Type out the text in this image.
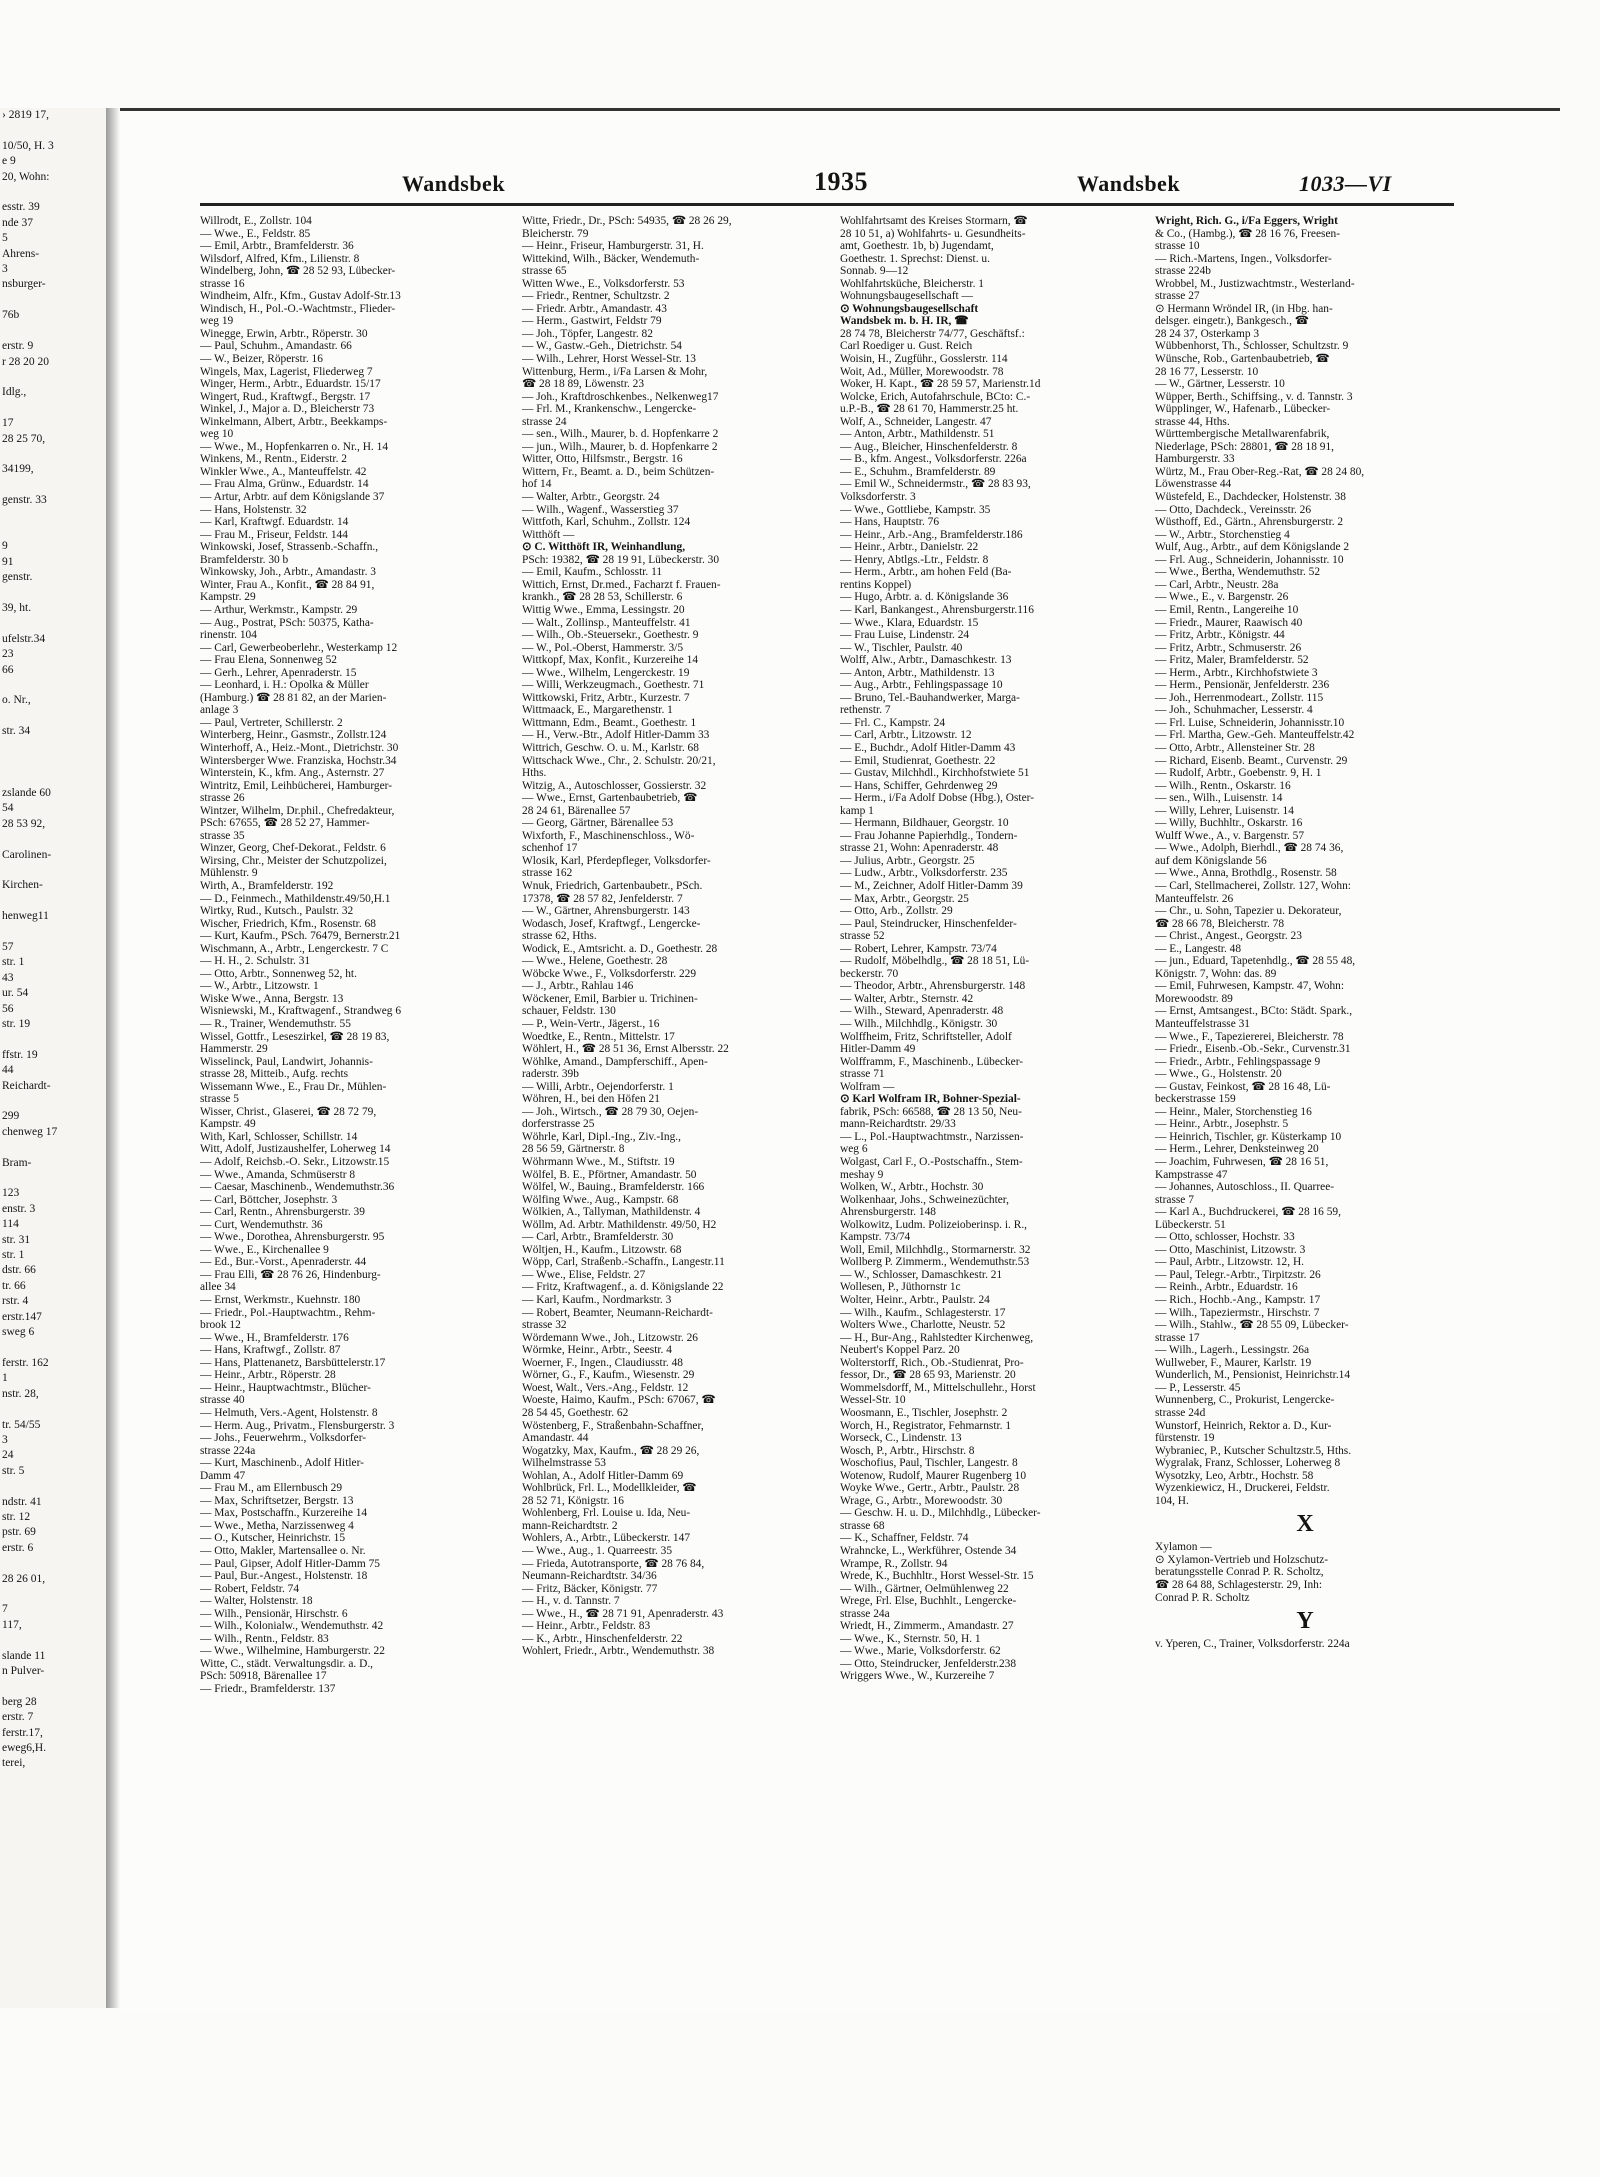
› 2819 17,

10/50, H. 3
e 9
20, Wohn:

esstr. 39
nde 37
5
Ahrens-
3
nsburger-

76b

erstr. 9
r 28 20 20

Idlg.,

17
28 25 70,

34199,

genstr. 33

9
91
genstr.

39, ht.

ufelstr.34
23
66

o. Nr.,

str. 34

zslande 60
54
28 53 92,

Carolinen-

Kirchen-

henweg11

57
str. 1
43
ur. 54
56
str. 19

ffstr. 19
44
Reichardt-

299
chenweg 17

Bram-

123
enstr. 3
114
str. 31
str. 1
dstr. 66
tr. 66
rstr. 4
erstr.147
sweg 6

ferstr. 162
1
nstr. 28,

tr. 54/55
3
24
str. 5

ndstr. 41
str. 12
pstr. 69
erstr. 6

28 26 01,

7
117,

slande 11
n Pulver-

berg 28
erstr. 7
ferstr.17,
eweg6,H.
terei,
Wandsbek	1935	Wandsbek	1033—VI
Willrodt, E., Zollstr. 104
— Wwe., E., Feldstr. 85
— Emil, Arbtr., Bramfelderstr. 36
Wilsdorf, Alfred, Kfm., Lilienstr. 8
Windelberg, John, ☎ 28 52 93, Lübecker-
strasse 16
Windheim, Alfr., Kfm., Gustav Adolf-Str.13
Windisch, H., Pol.-O.-Wachtmstr., Flieder-
weg 19
Winegge, Erwin, Arbtr., Röperstr. 30
— Paul, Schuhm., Amandastr. 66
— W., Beizer, Röperstr. 16
Wingels, Max, Lagerist, Fliederweg 7
Winger, Herm., Arbtr., Eduardstr. 15/17
Wingert, Rud., Kraftwgf., Bergstr. 17
Winkel, J., Major a. D., Bleicherstr 73
Winkelmann, Albert, Arbtr., Beekkamps-
weg 10
— Wwe., M., Hopfenkarren o. Nr., H. 14
Winkens, M., Rentn., Eiderstr. 2
Winkler Wwe., A., Manteuffelstr. 42
— Frau Alma, Grünw., Eduardstr. 14
— Artur, Arbtr. auf dem Königslande 37
— Hans, Holstenstr. 32
— Karl, Kraftwgf. Eduardstr. 14
— Frau M., Friseur, Feldstr. 144
Winkowski, Josef, Strassenb.-Schaffn.,
Bramfelderstr. 30 b
Winkowsky, Joh., Arbtr., Amandastr. 3
Winter, Frau A., Konfit., ☎ 28 84 91,
Kampstr. 29
— Arthur, Werkmstr., Kampstr. 29
— Aug., Postrat, PSch: 50375, Katha-
rinenstr. 104
— Carl, Gewerbeoberlehr., Westerkamp 12
— Frau Elena, Sonnenweg 52
— Gerh., Lehrer, Apenraderstr. 15
— Leonhard, i. H.: Opolka & Müller
(Hamburg.) ☎ 28 81 82, an der Marien-
anlage 3
— Paul, Vertreter, Schillerstr. 2
Winterberg, Heinr., Gasmstr., Zollstr.124
Winterhoff, A., Heiz.-Mont., Dietrichstr. 30
Wintersberger Wwe. Franziska, Hochstr.34
Winterstein, K., kfm. Ang., Asternstr. 27
Wintritz, Emil, Leihbücherei, Hamburger-
strasse 26
Wintzer, Wilhelm, Dr.phil., Chefredakteur,
PSch: 67655, ☎ 28 52 27, Hammer-
strasse 35
Winzer, Georg, Chef-Dekorat., Feldstr. 6
Wirsing, Chr., Meister der Schutzpolizei,
Mühlenstr. 9
Wirth, A., Bramfelderstr. 192
— D., Feinmech., Mathildenstr.49/50,H.1
Wirtky, Rud., Kutsch., Paulstr. 32
Wischer, Friedrich, Kfm., Rosenstr. 68
— Kurt, Kaufm., PSch. 76479, Bernerstr.21
Wischmann, A., Arbtr., Lengerckestr. 7 C
— H. H., 2. Schulstr. 31
— Otto, Arbtr., Sonnenweg 52, ht.
— W., Arbtr., Litzowstr. 1
Wiske Wwe., Anna, Bergstr. 13
Wisniewski, M., Kraftwagenf., Strandweg 6
— R., Trainer, Wendemuthstr. 55
Wissel, Gottfr., Leseszirkel, ☎ 28 19 83,
Hammerstr. 29
Wisselinck, Paul, Landwirt, Johannis-
strasse 28, Mitteib., Aufg. rechts
Wissemann Wwe., E., Frau Dr., Mühlen-
strasse 5
Wisser, Christ., Glaserei, ☎ 28 72 79,
Kampstr. 49
With, Karl, Schlosser, Schillstr. 14
Witt, Adolf, Justizaushelfer, Loherweg 14
— Adolf, Reichsb.-O. Sekr., Litzowstr.15
— Wwe., Amanda, Schmüserstr 8
— Caesar, Maschinenb., Wendemuthstr.36
— Carl, Böttcher, Josephstr. 3
— Carl, Rentn., Ahrensburgerstr. 39
— Curt, Wendemuthstr. 36
— Wwe., Dorothea, Ahrensburgerstr. 95
— Wwe., E., Kirchenallee 9
— Ed., Bur.-Vorst., Apenraderstr. 44
— Frau Elli, ☎ 28 76 26, Hindenburg-
allee 34
— Ernst, Werkmstr., Kuehnstr. 180
— Friedr., Pol.-Hauptwachtm., Rehm-
brook 12
— Wwe., H., Bramfelderstr. 176
— Hans, Kraftwgf., Zollstr. 87
— Hans, Plattenanetz, Barsbüttelerstr.17
— Heinr., Arbtr., Röperstr. 28
— Heinr., Hauptwachtmstr., Blücher-
strasse 40
— Helmuth, Vers.-Agent, Holstenstr. 8
— Herm. Aug., Privatm., Flensburgerstr. 3
— Johs., Feuerwehrm., Volksdorfer-
strasse 224a
— Kurt, Maschinenb., Adolf Hitler-
Damm 47
— Frau M., am Ellernbusch 29
— Max, Schriftsetzer, Bergstr. 13
— Max, Postschaffn., Kurzereihe 14
— Wwe., Metha, Narzissenweg 4
— O., Kutscher, Heinrichstr. 15
— Otto, Makler, Martensallee o. Nr.
— Paul, Gipser, Adolf Hitler-Damm 75
— Paul, Bur.-Angest., Holstenstr. 18
— Robert, Feldstr. 74
— Walter, Holstenstr. 18
— Wilh., Pensionär, Hirschstr. 6
— Wilh., Kolonialw., Wendemuthstr. 42
— Wilh., Rentn., Feldstr. 83
— Wwe., Wilhelmine, Hamburgerstr. 22
Witte, C., städt. Verwaltungsdir. a. D.,
PSch: 50918, Bärenallee 17
— Friedr., Bramfelderstr. 137
Witte, Friedr., Dr., PSch: 54935, ☎ 28 26 29,
Bleicherstr. 79
— Heinr., Friseur, Hamburgerstr. 31, H.
Wittekind, Wilh., Bäcker, Wendemuth-
strasse 65
Witten Wwe., E., Volksdorferstr. 53
— Friedr., Rentner, Schultzstr. 2
— Friedr. Arbtr., Amandastr. 43
— Herm., Gastwirt, Feldstr 79
— Joh., Töpfer, Langestr. 82
— W., Gastw.-Geh., Dietrichstr. 54
— Wilh., Lehrer, Horst Wessel-Str. 13
Wittenburg, Herm., i/Fa Larsen & Mohr,
☎ 28 18 89, Löwenstr. 23
— Joh., Kraftdroschkenbes., Nelkenweg17
— Frl. M., Krankenschw., Lengercke-
strasse 24
— sen., Wilh., Maurer, b. d. Hopfenkarre 2
— jun., Wilh., Maurer, b. d. Hopfenkarre 2
Witter, Otto, Hilfsmstr., Bergstr. 16
Wittern, Fr., Beamt. a. D., beim Schützen-
hof 14
— Walter, Arbtr., Georgstr. 24
— Wilh., Wagenf., Wasserstieg 37
Wittfoth, Karl, Schuhm., Zollstr. 124
Witthöft —
⊙ C. Witthöft IR, Weinhandlung,
PSch: 19382, ☎ 28 19 91, Lübeckerstr. 30
— Emil, Kaufm., Schlosstr. 11
Wittich, Ernst, Dr.med., Facharzt f. Frauen-
krankh., ☎ 28 28 53, Schillerstr. 6
Wittig Wwe., Emma, Lessingstr. 20
— Walt., Zollinsp., Manteuffelstr. 41
— Wilh., Ob.-Steuersekr., Goethestr. 9
— W., Pol.-Oberst, Hammerstr. 3/5
Wittkopf, Max, Konfit., Kurzereihe 14
— Wwe., Wilhelm, Lengerckestr. 19
— Willi, Werkzeugmach., Goethestr. 71
Wittkowski, Fritz, Arbtr., Kurzestr. 7
Wittmaack, E., Margarethenstr. 1
Wittmann, Edm., Beamt., Goethestr. 1
— H., Verw.-Btr., Adolf Hitler-Damm 33
Wittrich, Geschw. O. u. M., Karlstr. 68
Wittschack Wwe., Chr., 2. Schulstr. 20/21,
Hths.
Witzig, A., Autoschlosser, Gossierstr. 32
— Wwe., Ernst, Gartenbaubetrieb, ☎
28 24 61, Bärenallee 57
— Georg, Gärtner, Bärenallee 53
Wixforth, F., Maschinenschloss., Wö-
schenhof 17
Wlosik, Karl, Pferdepfleger, Volksdorfer-
strasse 162
Wnuk, Friedrich, Gartenbaubetr., PSch.
17378, ☎ 28 57 82, Jenfelderstr. 7
— W., Gärtner, Ahrensburgerstr. 143
Wodasch, Josef, Kraftwgf., Lengercke-
strasse 62, Hths.
Wodick, E., Amtsricht. a. D., Goethestr. 28
— Wwe., Helene, Goethestr. 28
Wöbcke Wwe., F., Volksdorferstr. 229
— J., Arbtr., Rahlau 146
Wöckener, Emil, Barbier u. Trichinen-
schauer, Feldstr. 130
— P., Wein-Vertr., Jägerst., 16
Woedtke, E., Rentn., Mittelstr. 17
Wöhlert, H., ☎ 28 51 36, Ernst Albersstr. 22
Wöhlke, Amand., Dampferschiff., Apen-
raderstr. 39b
— Willi, Arbtr., Oejendorferstr. 1
Wöhren, H., bei den Höfen 21
— Joh., Wirtsch., ☎ 28 79 30, Oejen-
dorferstrasse 25
Wöhrle, Karl, Dipl.-Ing., Ziv.-Ing.,
28 56 59, Gärtnerstr. 8
Wöhrmann Wwe., M., Stiftstr. 19
Wölfel, B. E., Pförtner, Amandastr. 50
Wölfel, W., Bauing., Bramfelderstr. 166
Wölfing Wwe., Aug., Kampstr. 68
Wölkien, A., Tallyman, Mathildenstr. 4
Wöllm, Ad. Arbtr. Mathildenstr. 49/50, H2
— Carl, Arbtr., Bramfelderstr. 30
Wöltjen, H., Kaufm., Litzowstr. 68
Wöpp, Carl, Straßenb.-Schaffn., Langestr.11
— Wwe., Elise, Feldstr. 27
— Fritz, Kraftwagenf., a. d. Königslande 22
— Karl, Kaufm., Nordmarkstr. 3
— Robert, Beamter, Neumann-Reichardt-
strasse 32
Wördemann Wwe., Joh., Litzowstr. 26
Wörmke, Heinr., Arbtr., Seestr. 4
Woerner, F., Ingen., Claudiusstr. 48
Wörner, G., F., Kaufm., Wiesenstr. 29
Woest, Walt., Vers.-Ang., Feldstr. 12
Woeste, Haimo, Kaufm., PSch: 67067, ☎
28 54 45, Goethestr. 62
Wöstenberg, F., Straßenbahn-Schaffner,
Amandastr. 44
Wogatzky, Max, Kaufm., ☎ 28 29 26,
Wilhelmstrasse 53
Wohlan, A., Adolf Hitler-Damm 69
Wohlbrück, Frl. L., Modellkleider, ☎
28 52 71, Königstr. 16
Wohlenberg, Frl. Louise u. Ida, Neu-
mann-Reichardtstr. 2
Wohlers, A., Arbtr., Lübeckerstr. 147
— Wwe., Aug., 1. Quarreestr. 35
— Frieda, Autotransporte, ☎ 28 76 84,
Neumann-Reichardtstr. 34/36
— Fritz, Bäcker, Königstr. 77
— H., v. d. Tannstr. 7
— Wwe., H., ☎ 28 71 91, Apenraderstr. 43
— Heinr., Arbtr., Feldstr. 83
— K., Arbtr., Hinschenfelderstr. 22
Wohlert, Friedr., Arbtr., Wendemuthstr. 38
Wohlfahrtsamt des Kreises Stormarn, ☎
28 10 51, a) Wohlfahrts- u. Gesundheits-
amt, Goethestr. 1b, b) Jugendamt,
Goethestr. 1. Sprechst: Dienst. u.
Sonnab. 9—12
Wohlfahrtsküche, Bleicherstr. 1
Wohnungsbaugesellschaft —
⊙ Wohnungsbaugesellschaft
Wandsbek m. b. H. IR, ☎
28 74 78, Bleicherstr 74/77, Geschäftsf.:
Carl Roediger u. Gust. Reich
Woisin, H., Zugführ., Gosslerstr. 114
Woit, Ad., Müller, Morewoodstr. 78
Woker, H. Kapt., ☎ 28 59 57, Marienstr.1d
Wolcke, Erich, Autofahrschule, BCto: C.-
u.P.-B., ☎ 28 61 70, Hammerstr.25 ht.
Wolf, A., Schneider, Langestr. 47
— Anton, Arbtr., Mathildenstr. 51
— Aug., Bleicher, Hinschenfelderstr. 8
— B., kfm. Angest., Volksdorferstr. 226a
— E., Schuhm., Bramfelderstr. 89
— Emil W., Schneidermstr., ☎ 28 83 93,
Volksdorferstr. 3
— Wwe., Gottliebe, Kampstr. 35
— Hans, Hauptstr. 76
— Heinr., Arb.-Ang., Bramfelderstr.186
— Heinr., Arbtr., Danielstr. 22
— Henry, Abtlgs.-Ltr., Feldstr. 8
— Herm., Arbtr., am hohen Feld (Ba-
rentins Koppel)
— Hugo, Arbtr. a. d. Königslande 36
— Karl, Bankangest., Ahrensburgerstr.116
— Wwe., Klara, Eduardstr. 15
— Frau Luise, Lindenstr. 24
— W., Tischler, Paulstr. 40
Wolff, Alw., Arbtr., Damaschkestr. 13
— Anton, Arbtr., Mathildenstr. 13
— Aug., Arbtr., Fehlingspassage 10
— Bruno, Tel.-Bauhandwerker, Marga-
rethenstr. 7
— Frl. C., Kampstr. 24
— Carl, Arbtr., Litzowstr. 12
— E., Buchdr., Adolf Hitler-Damm 43
— Emil, Studienrat, Goethestr. 22
— Gustav, Milchhdl., Kirchhofstwiete 51
— Hans, Schiffer, Gehrdenweg 29
— Herm., i/Fa Adolf Dobse (Hbg.), Oster-
kamp 1
— Hermann, Bildhauer, Georgstr. 10
— Frau Johanne Papierhdlg., Tondern-
strasse 21, Wohn: Apenraderstr. 48
— Julius, Arbtr., Georgstr. 25
— Ludw., Arbtr., Volksdorferstr. 235
— M., Zeichner, Adolf Hitler-Damm 39
— Max, Arbtr., Georgstr. 25
— Otto, Arb., Zollstr. 29
— Paul, Steindrucker, Hinschenfelder-
strasse 52
— Robert, Lehrer, Kampstr. 73/74
— Rudolf, Möbelhdlg., ☎ 28 18 51, Lü-
beckerstr. 70
— Theodor, Arbtr., Ahrensburgerstr. 148
— Walter, Arbtr., Sternstr. 42
— Wilh., Steward, Apenraderstr. 48
— Wilh., Milchhdlg., Königstr. 30
Wolffheim, Fritz, Schriftsteller, Adolf
Hitler-Damm 49
Wolfframm, F., Maschinenb., Lübecker-
strasse 71
Wolfram —
⊙ Karl Wolfram IR, Bohner-Spezial-
fabrik, PSch: 66588, ☎ 28 13 50, Neu-
mann-Reichardtstr. 29/33
— L., Pol.-Hauptwachtmstr., Narzissen-
weg 6
Wolgast, Carl F., O.-Postschaffn., Stem-
meshay 9
Wolken, W., Arbtr., Hochstr. 30
Wolkenhaar, Johs., Schweinezüchter,
Ahrensburgerstr. 148
Wolkowitz, Ludm. Polizeioberinsp. i. R.,
Kampstr. 73/74
Woll, Emil, Milchhdlg., Stormarnerstr. 32
Wollberg P. Zimmerm., Wendemuthstr.53
— W., Schlosser, Damaschkestr. 21
Wollesen, P., Jüthornstr 1c
Wolter, Heinr., Arbtr., Paulstr. 24
— Wilh., Kaufm., Schlagesterstr. 17
Wolters Wwe., Charlotte, Neustr. 52
— H., Bur-Ang., Rahlstedter Kirchenweg,
Neubert's Koppel Parz. 20
Wolterstorff, Rich., Ob.-Studienrat, Pro-
fessor, Dr., ☎ 28 65 93, Marienstr. 20
Wommelsdorff, M., Mittelschullehr., Horst
Wessel-Str. 10
Woosmann, E., Tischler, Josephstr. 2
Worch, H., Registrator, Fehmarnstr. 1
Worseck, C., Lindenstr. 13
Wosch, P., Arbtr., Hirschstr. 8
Woschofius, Paul, Tischler, Langestr. 8
Wotenow, Rudolf, Maurer Rugenberg 10
Woyke Wwe., Gertr., Arbtr., Paulstr. 28
Wrage, G., Arbtr., Morewoodstr. 30
— Geschw. H. u. D., Milchhdlg., Lübecker-
strasse 68
— K., Schaffner, Feldstr. 74
Wrahncke, L., Werkführer, Ostende 34
Wrampe, R., Zollstr. 94
Wrede, K., Buchhltr., Horst Wessel-Str. 15
— Wilh., Gärtner, Oelmühlenweg 22
Wrege, Frl. Else, Buchhlt., Lengercke-
strasse 24a
Wriedt, H., Zimmerm., Amandastr. 27
— Wwe., K., Sternstr. 50, H. 1
— Wwe., Marie, Volksdorferstr. 62
— Otto, Steindrucker, Jenfelderstr.238
Wriggers Wwe., W., Kurzereihe 7
Wright, Rich. G., i/Fa Eggers, Wright
& Co., (Hambg.), ☎ 28 16 76, Freesen-
strasse 10
— Rich.-Martens, Ingen., Volksdorfer-
strasse 224b
Wrobbel, M., Justizwachtmstr., Westerland-
strasse 27
⊙ Hermann Wröndel IR, (in Hbg. han-
delsger. eingetr.), Bankgesch., ☎
28 24 37, Osterkamp 3
Wübbenhorst, Th., Schlosser, Schultzstr. 9
Wünsche, Rob., Gartenbaubetrieb, ☎
28 16 77, Lesserstr. 10
— W., Gärtner, Lesserstr. 10
Wüpper, Berth., Schiffsing., v. d. Tannstr. 3
Wüpplinger, W., Hafenarb., Lübecker-
strasse 44, Hths.
Württembergische Metallwarenfabrik,
Niederlage, PSch: 28801, ☎ 28 18 91,
Hamburgerstr. 33
Würtz, M., Frau Ober-Reg.-Rat, ☎ 28 24 80,
Löwenstrasse 44
Wüstefeld, E., Dachdecker, Holstenstr. 38
— Otto, Dachdeck., Vereinsstr. 26
Wüsthoff, Ed., Gärtn., Ahrensburgerstr. 2
— W., Arbtr., Storchenstieg 4
Wulf, Aug., Arbtr., auf dem Königslande 2
— Frl. Aug., Schneiderin, Johannisstr. 10
— Wwe., Bertha, Wendemuthstr. 52
— Carl, Arbtr., Neustr. 28a
— Wwe., E., v. Bargenstr. 26
— Emil, Rentn., Langereihe 10
— Friedr., Maurer, Raawisch 40
— Fritz, Arbtr., Königstr. 44
— Fritz, Arbtr., Schmuserstr. 26
— Fritz, Maler, Bramfelderstr. 52
— Herm., Arbtr., Kirchhofstwiete 3
— Herm., Pensionär, Jenfelderstr. 236
— Joh., Herrenmodeart., Zollstr. 115
— Joh., Schuhmacher, Lesserstr. 4
— Frl. Luise, Schneiderin, Johannisstr.10
— Frl. Martha, Gew.-Geh. Manteuffelstr.42
— Otto, Arbtr., Allensteiner Str. 28
— Richard, Eisenb. Beamt., Curvenstr. 29
— Rudolf, Arbtr., Goebenstr. 9, H. 1
— Wilh., Rentn., Oskarstr. 16
— sen., Wilh., Luisenstr. 14
— Willy, Lehrer, Luisenstr. 14
— Willy, Buchhltr., Oskarstr. 16
Wulff Wwe., A., v. Bargenstr. 57
— Wwe., Adolph, Bierhdl., ☎ 28 74 36,
auf dem Königslande 56
— Wwe., Anna, Brothdlg., Rosenstr. 58
— Carl, Stellmacherei, Zollstr. 127, Wohn:
Manteuffelstr. 26
— Chr., u. Sohn, Tapezier u. Dekorateur,
☎ 28 66 78, Bleicherstr. 78
— Christ., Angest., Georgstr. 23
— E., Langestr. 48
— jun., Eduard, Tapetenhdlg., ☎ 28 55 48,
Königstr. 7, Wohn: das. 89
— Emil, Fuhrwesen, Kampstr. 47, Wohn:
Morewoodstr. 89
— Ernst, Amtsangest., BCto: Städt. Spark.,
Manteuffelstrasse 31
— Wwe., F., Tapeziererei, Bleicherstr. 78
— Friedr., Eisenb.-Ob.-Sekr., Curvenstr.31
— Friedr., Arbtr., Fehlingspassage 9
— Wwe., G., Holstenstr. 20
— Gustav, Feinkost, ☎ 28 16 48, Lü-
beckerstrasse 159
— Heinr., Maler, Storchenstieg 16
— Heinr., Arbtr., Josephstr. 5
— Heinrich, Tischler, gr. Küsterkamp 10
— Herm., Lehrer, Denksteinweg 20
— Joachim, Fuhrwesen, ☎ 28 16 51,
Kampstrasse 47
— Johannes, Autoschloss., II. Quarree-
strasse 7
— Karl A., Buchdruckerei, ☎ 28 16 59,
Lübeckerstr. 51
— Otto, schlosser, Hochstr. 33
— Otto, Maschinist, Litzowstr. 3
— Paul, Arbtr., Litzowstr. 12, H.
— Paul, Telegr.-Arbtr., Tirpitzstr. 26
— Reinh., Arbtr., Eduardstr. 16
— Rich., Hochb.-Ang., Kampstr. 17
— Wilh., Tapeziermstr., Hirschstr. 7
— Wilh., Stahlw., ☎ 28 55 09, Lübecker-
strasse 17
— Wilh., Lagerh., Lessingstr. 26a
Wullweber, F., Maurer, Karlstr. 19
Wunderlich, M., Pensionist, Heinrichstr.14
— P., Lesserstr. 45
Wunnenberg, C., Prokurist, Lengercke-
strasse 24d
Wunstorf, Heinrich, Rektor a. D., Kur-
fürstenstr. 19
Wybraniec, P., Kutscher Schultzstr.5, Hths.
Wygralak, Franz, Schlosser, Loherweg 8
Wysotzky, Leo, Arbtr., Hochstr. 58
Wyzenkiewicz, H., Druckerei, Feldstr.
104, H.
X
Xylamon —
⊙ Xylamon-Vertrieb und Holzschutz-
beratungsstelle Conrad P. R. Scholtz,
☎ 28 64 88, Schlagesterstr. 29, Inh:
Conrad P. R. Scholtz
Y
v. Yperen, C., Trainer, Volksdorferstr. 224a
